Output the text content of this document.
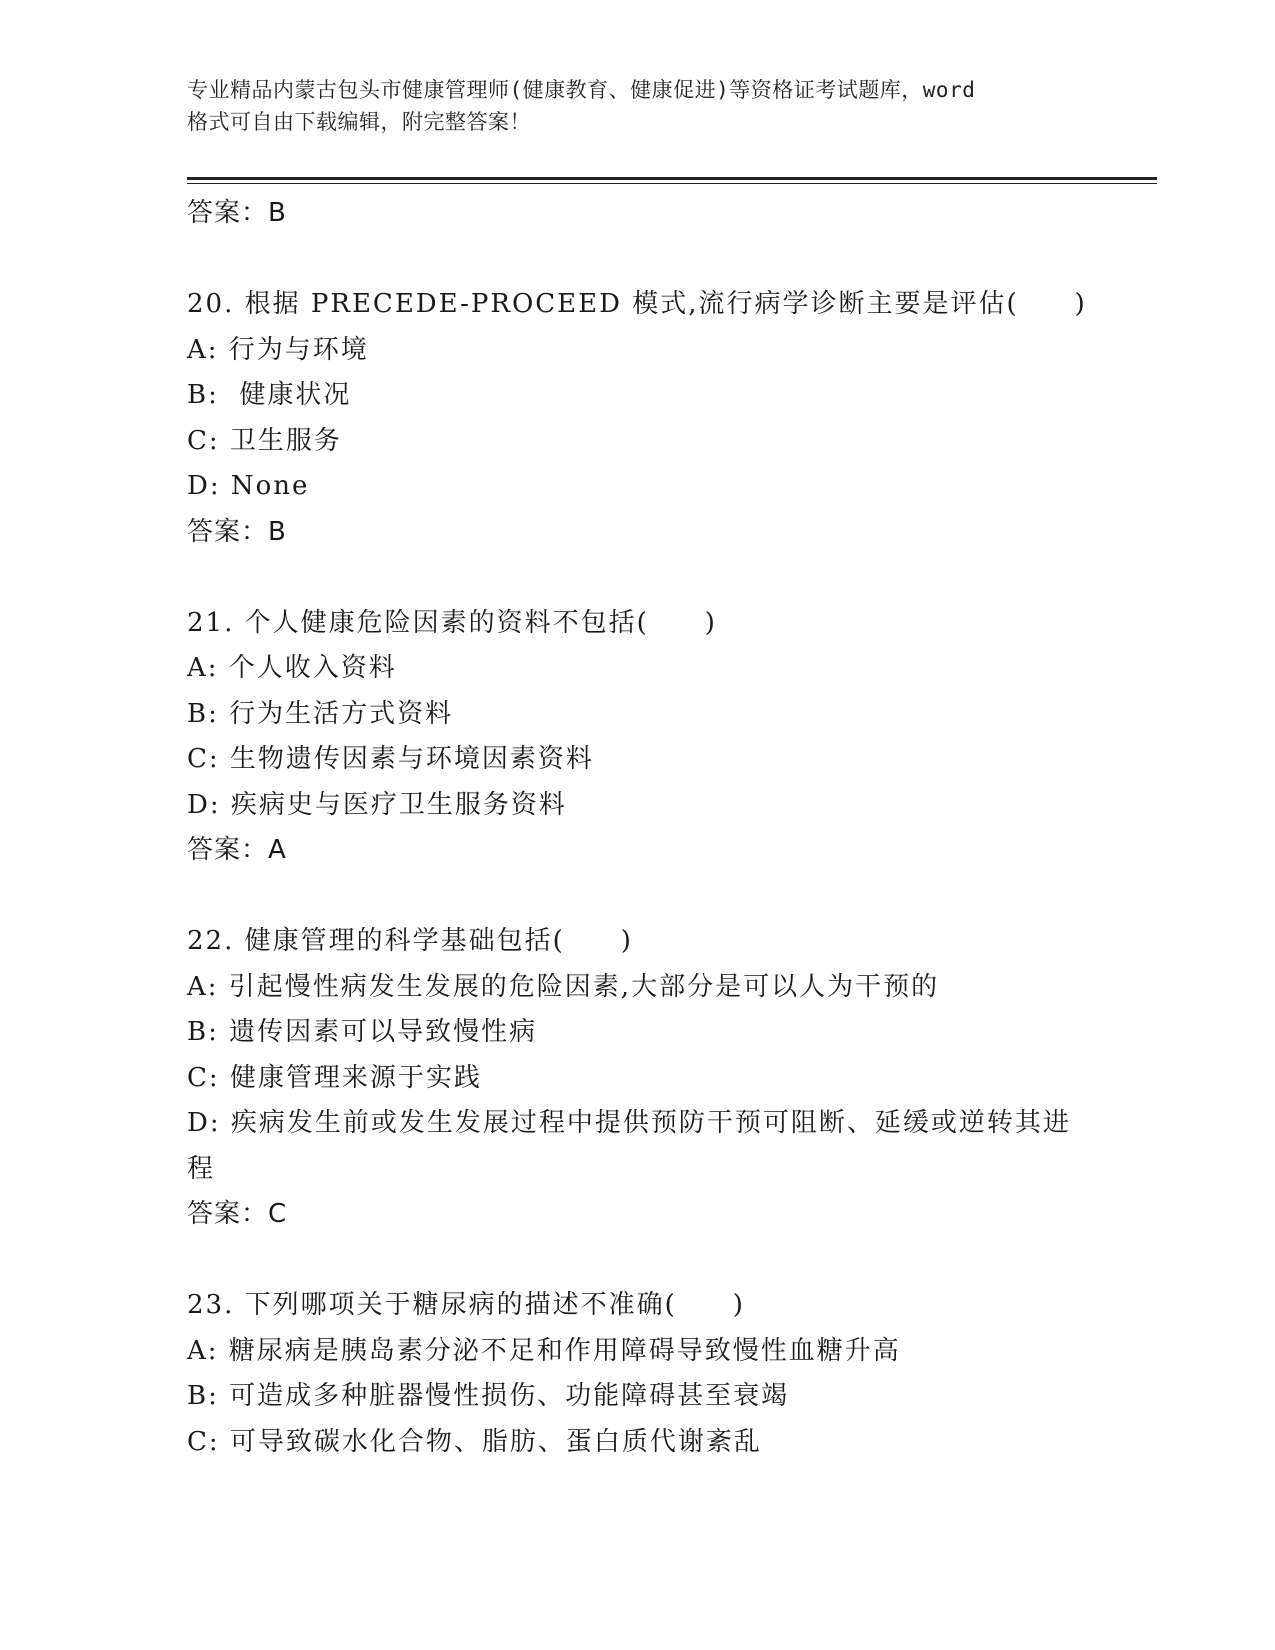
专业精品内蒙古包头市健康管理师(健康教育、健康促进)等资格证考试题库，word
格式可自由下载编辑，附完整答案！
答案：B
20. 根据 PRECEDE-PROCEED 模式,流行病学诊断主要是评估(　　)
A: 行为与环境
B:  健康状况
C: 卫生服务
D: None
答案：B
21. 个人健康危险因素的资料不包括(　　)
A: 个人收入资料
B: 行为生活方式资料
C: 生物遗传因素与环境因素资料
D: 疾病史与医疗卫生服务资料
答案：A
22. 健康管理的科学基础包括(　　)
A: 引起慢性病发生发展的危险因素,大部分是可以人为干预的
B: 遗传因素可以导致慢性病
C: 健康管理来源于实践
D: 疾病发生前或发生发展过程中提供预防干预可阻断、延缓或逆转其进程
答案：C
23. 下列哪项关于糖尿病的描述不准确(　　)
A: 糖尿病是胰岛素分泌不足和作用障碍导致慢性血糖升高
B: 可造成多种脏器慢性损伤、功能障碍甚至衰竭
C: 可导致碳水化合物、脂肪、蛋白质代谢紊乱
